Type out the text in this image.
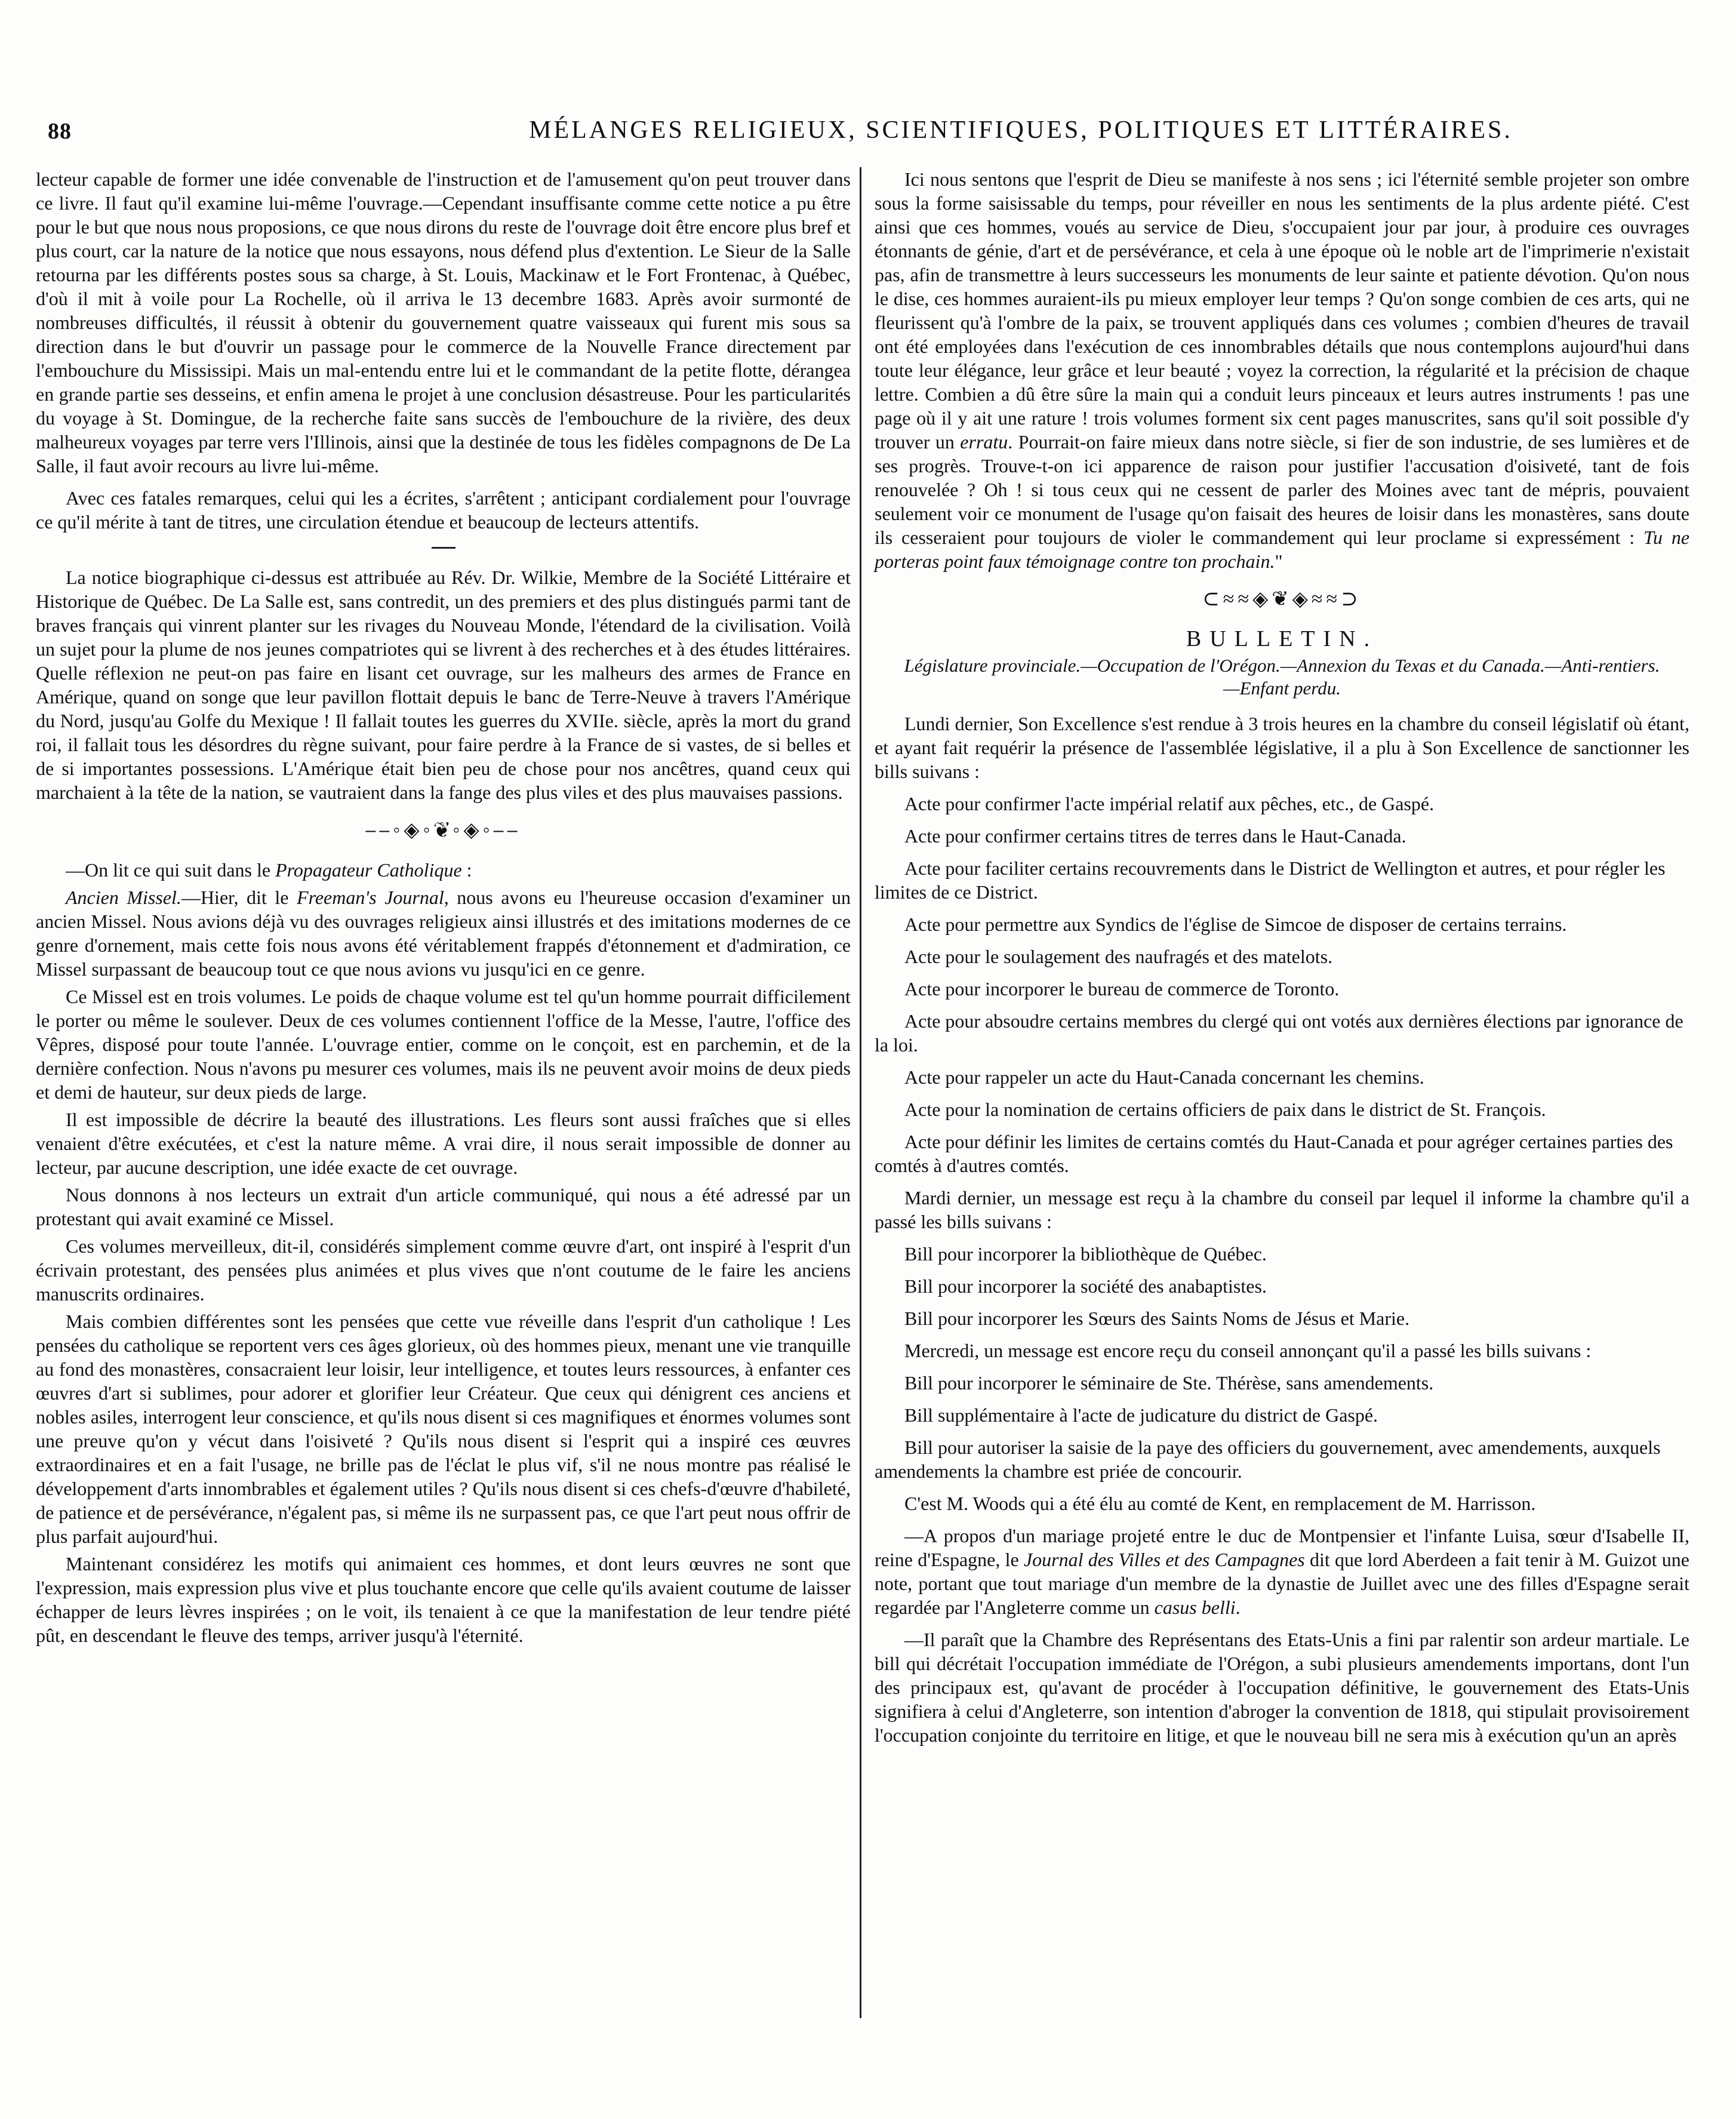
88	MÉLANGES RELIGIEUX, SCIENTIFIQUES, POLITIQUES ET LITTÉRAIRES.

lecteur capable de former une idée convenable de l'instruction et de l'amusement qu'on peut trouver dans ce livre. Il faut qu'il examine lui-même l'ouvrage.—Cependant insuffisante comme cette notice a pu être pour le but que nous nous proposions, ce que nous dirons du reste de l'ouvrage doit être encore plus bref et plus court, car la nature de la notice que nous essayons, nous défend plus d'extention. Le Sieur de la Salle retourna par les différents postes sous sa charge, à St. Louis, Mackinaw et le Fort Frontenac, à Québec, d'où il mit à voile pour La Rochelle, où il arriva le 13 decembre 1683. Après avoir surmonté de nombreuses difficultés, il réussit à obtenir du gouvernement quatre vaisseaux qui furent mis sous sa direction dans le but d'ouvrir un passage pour le commerce de la Nouvelle France directement par l'embouchure du Mississipi. Mais un mal-entendu entre lui et le commandant de la petite flotte, dérangea en grande partie ses desseins, et enfin amena le projet à une conclusion désastreuse. Pour les particularités du voyage à St. Domingue, de la recherche faite sans succès de l'embouchure de la rivière, des deux malheureux voyages par terre vers l'Illinois, ainsi que la destinée de tous les fidèles compagnons de De La Salle, il faut avoir recours au livre lui-même.

Avec ces fatales remarques, celui qui les a écrites, s'arrêtent ; anticipant cordialement pour l'ouvrage ce qu'il mérite à tant de titres, une circulation étendue et beaucoup de lecteurs attentifs.

La notice biographique ci-dessus est attribuée au Rév. Dr. Wilkie, Membre de la Société Littéraire et Historique de Québec. De La Salle est, sans contredit, un des premiers et des plus distingués parmi tant de braves français qui vinrent planter sur les rivages du Nouveau Monde, l'étendard de la civilisation. Voilà un sujet pour la plume de nos jeunes compatriotes qui se livrent à des recherches et à des études littéraires. Quelle réflexion ne peut-on pas faire en lisant cet ouvrage, sur les malheurs des armes de France en Amérique, quand on songe que leur pavillon flottait depuis le banc de Terre-Neuve à travers l'Amérique du Nord, jusqu'au Golfe du Mexique ! Il fallait toutes les guerres du XVIIe. siècle, après la mort du grand roi, il fallait tous les désordres du règne suivant, pour faire perdre à la France de si vastes, de si belles et de si importantes possessions. L'Amérique était bien peu de chose pour nos ancêtres, quand ceux qui marchaient à la tête de la nation, se vautraient dans la fange des plus viles et des plus mauvaises passions.

⎯⎯◦◈◦❦◦◈◦⎯⎯

—On lit ce qui suit dans le Propagateur Catholique :

Ancien Missel.—Hier, dit le Freeman's Journal, nous avons eu l'heureuse occasion d'examiner un ancien Missel. Nous avions déjà vu des ouvrages religieux ainsi illustrés et des imitations modernes de ce genre d'ornement, mais cette fois nous avons été véritablement frappés d'étonnement et d'admiration, ce Missel surpassant de beaucoup tout ce que nous avions vu jusqu'ici en ce genre.

Ce Missel est en trois volumes. Le poids de chaque volume est tel qu'un homme pourrait difficilement le porter ou même le soulever. Deux de ces volumes contiennent l'office de la Messe, l'autre, l'office des Vêpres, disposé pour toute l'année. L'ouvrage entier, comme on le conçoit, est en parchemin, et de la dernière confection. Nous n'avons pu mesurer ces volumes, mais ils ne peuvent avoir moins de deux pieds et demi de hauteur, sur deux pieds de large.

Il est impossible de décrire la beauté des illustrations. Les fleurs sont aussi fraîches que si elles venaient d'être exécutées, et c'est la nature même. A vrai dire, il nous serait impossible de donner au lecteur, par aucune description, une idée exacte de cet ouvrage.

Nous donnons à nos lecteurs un extrait d'un article communiqué, qui nous a été adressé par un protestant qui avait examiné ce Missel.

Ces volumes merveilleux, dit-il, considérés simplement comme œuvre d'art, ont inspiré à l'esprit d'un écrivain protestant, des pensées plus animées et plus vives que n'ont coutume de le faire les anciens manuscrits ordinaires.

Mais combien différentes sont les pensées que cette vue réveille dans l'esprit d'un catholique ! Les pensées du catholique se reportent vers ces âges glorieux, où des hommes pieux, menant une vie tranquille au fond des monastères, consacraient leur loisir, leur intelligence, et toutes leurs ressources, à enfanter ces œuvres d'art si sublimes, pour adorer et glorifier leur Créateur. Que ceux qui dénigrent ces anciens et nobles asiles, interrogent leur conscience, et qu'ils nous disent si ces magnifiques et énormes volumes sont une preuve qu'on y vécut dans l'oisiveté ? Qu'ils nous disent si l'esprit qui a inspiré ces œuvres extraordinaires et en a fait l'usage, ne brille pas de l'éclat le plus vif, s'il ne nous montre pas réalisé le développement d'arts innombrables et également utiles ? Qu'ils nous disent si ces chefs-d'œuvre d'habileté, de patience et de persévérance, n'égalent pas, si même ils ne surpassent pas, ce que l'art peut nous offrir de plus parfait aujourd'hui.

Maintenant considérez les motifs qui animaient ces hommes, et dont leurs œuvres ne sont que l'expression, mais expression plus vive et plus touchante encore que celle qu'ils avaient coutume de laisser échapper de leurs lèvres inspirées ; on le voit, ils tenaient à ce que la manifestation de leur tendre piété pût, en descendant le fleuve des temps, arriver jusqu'à l'éternité.

Ici nous sentons que l'esprit de Dieu se manifeste à nos sens ; ici l'éternité semble projeter son ombre sous la forme saisissable du temps, pour réveiller en nous les sentiments de la plus ardente piété. C'est ainsi que ces hommes, voués au service de Dieu, s'occupaient jour par jour, à produire ces ouvrages étonnants de génie, d'art et de persévérance, et cela à une époque où le noble art de l'imprimerie n'existait pas, afin de transmettre à leurs successeurs les monuments de leur sainte et patiente dévotion. Qu'on nous le dise, ces hommes auraient-ils pu mieux employer leur temps ? Qu'on songe combien de ces arts, qui ne fleurissent qu'à l'ombre de la paix, se trouvent appliqués dans ces volumes ; combien d'heures de travail ont été employées dans l'exécution de ces innombrables détails que nous contemplons aujourd'hui dans toute leur élégance, leur grâce et leur beauté ; voyez la correction, la régularité et la précision de chaque lettre. Combien a dû être sûre la main qui a conduit leurs pinceaux et leurs autres instruments ! pas une page où il y ait une rature ! trois volumes forment six cent pages manuscrites, sans qu'il soit possible d'y trouver un erratu. Pourrait-on faire mieux dans notre siècle, si fier de son industrie, de ses lumières et de ses progrès. Trouve-t-on ici apparence de raison pour justifier l'accusation d'oisiveté, tant de fois renouvelée ? Oh ! si tous ceux qui ne cessent de parler des Moines avec tant de mépris, pouvaient seulement voir ce monument de l'usage qu'on faisait des heures de loisir dans les monastères, sans doute ils cesseraient pour toujours de violer le commandement qui leur proclame si expressément : Tu ne porteras point faux témoignage contre ton prochain."

⊂≈≈◈❦◈≈≈⊃
BULLETIN.
Législature provinciale.—Occupation de l'Orégon.—Annexion du Texas et du Canada.—Anti-rentiers.—Enfant perdu.

Lundi dernier, Son Excellence s'est rendue à 3 trois heures en la chambre du conseil législatif où étant, et ayant fait requérir la présence de l'assemblée législative, il a plu à Son Excellence de sanctionner les bills suivans :

Acte pour confirmer l'acte impérial relatif aux pêches, etc., de Gaspé.

Acte pour confirmer certains titres de terres dans le Haut-Canada.

Acte pour faciliter certains recouvrements dans le District de Wellington et autres, et pour régler les limites de ce District.

Acte pour permettre aux Syndics de l'église de Simcoe de disposer de certains terrains.

Acte pour le soulagement des naufragés et des matelots.

Acte pour incorporer le bureau de commerce de Toronto.

Acte pour absoudre certains membres du clergé qui ont votés aux dernières élections par ignorance de la loi.

Acte pour rappeler un acte du Haut-Canada concernant les chemins.

Acte pour la nomination de certains officiers de paix dans le district de St. François.

Acte pour définir les limites de certains comtés du Haut-Canada et pour agréger certaines parties des comtés à d'autres comtés.

Mardi dernier, un message est reçu à la chambre du conseil par lequel il informe la chambre qu'il a passé les bills suivans :

Bill pour incorporer la bibliothèque de Québec.

Bill pour incorporer la société des anabaptistes.

Bill pour incorporer les Sœurs des Saints Noms de Jésus et Marie.

Mercredi, un message est encore reçu du conseil annonçant qu'il a passé les bills suivans :

Bill pour incorporer le séminaire de Ste. Thérèse, sans amendements.

Bill supplémentaire à l'acte de judicature du district de Gaspé.

Bill pour autoriser la saisie de la paye des officiers du gouvernement, avec amendements, auxquels amendements la chambre est priée de concourir.

C'est M. Woods qui a été élu au comté de Kent, en remplacement de M. Harrisson.

—A propos d'un mariage projeté entre le duc de Montpensier et l'infante Luisa, sœur d'Isabelle II, reine d'Espagne, le Journal des Villes et des Campagnes dit que lord Aberdeen a fait tenir à M. Guizot une note, portant que tout mariage d'un membre de la dynastie de Juillet avec une des filles d'Espagne serait regardée par l'Angleterre comme un casus belli.

—Il paraît que la Chambre des Représentans des Etats-Unis a fini par ralentir son ardeur martiale. Le bill qui décrétait l'occupation immédiate de l'Orégon, a subi plusieurs amendements importans, dont l'un des principaux est, qu'avant de procéder à l'occupation définitive, le gouvernement des Etats-Unis signifiera à celui d'Angleterre, son intention d'abroger la convention de 1818, qui stipulait provisoirement l'occupation conjointe du territoire en litige, et que le nouveau bill ne sera mis à exécution qu'un an après
